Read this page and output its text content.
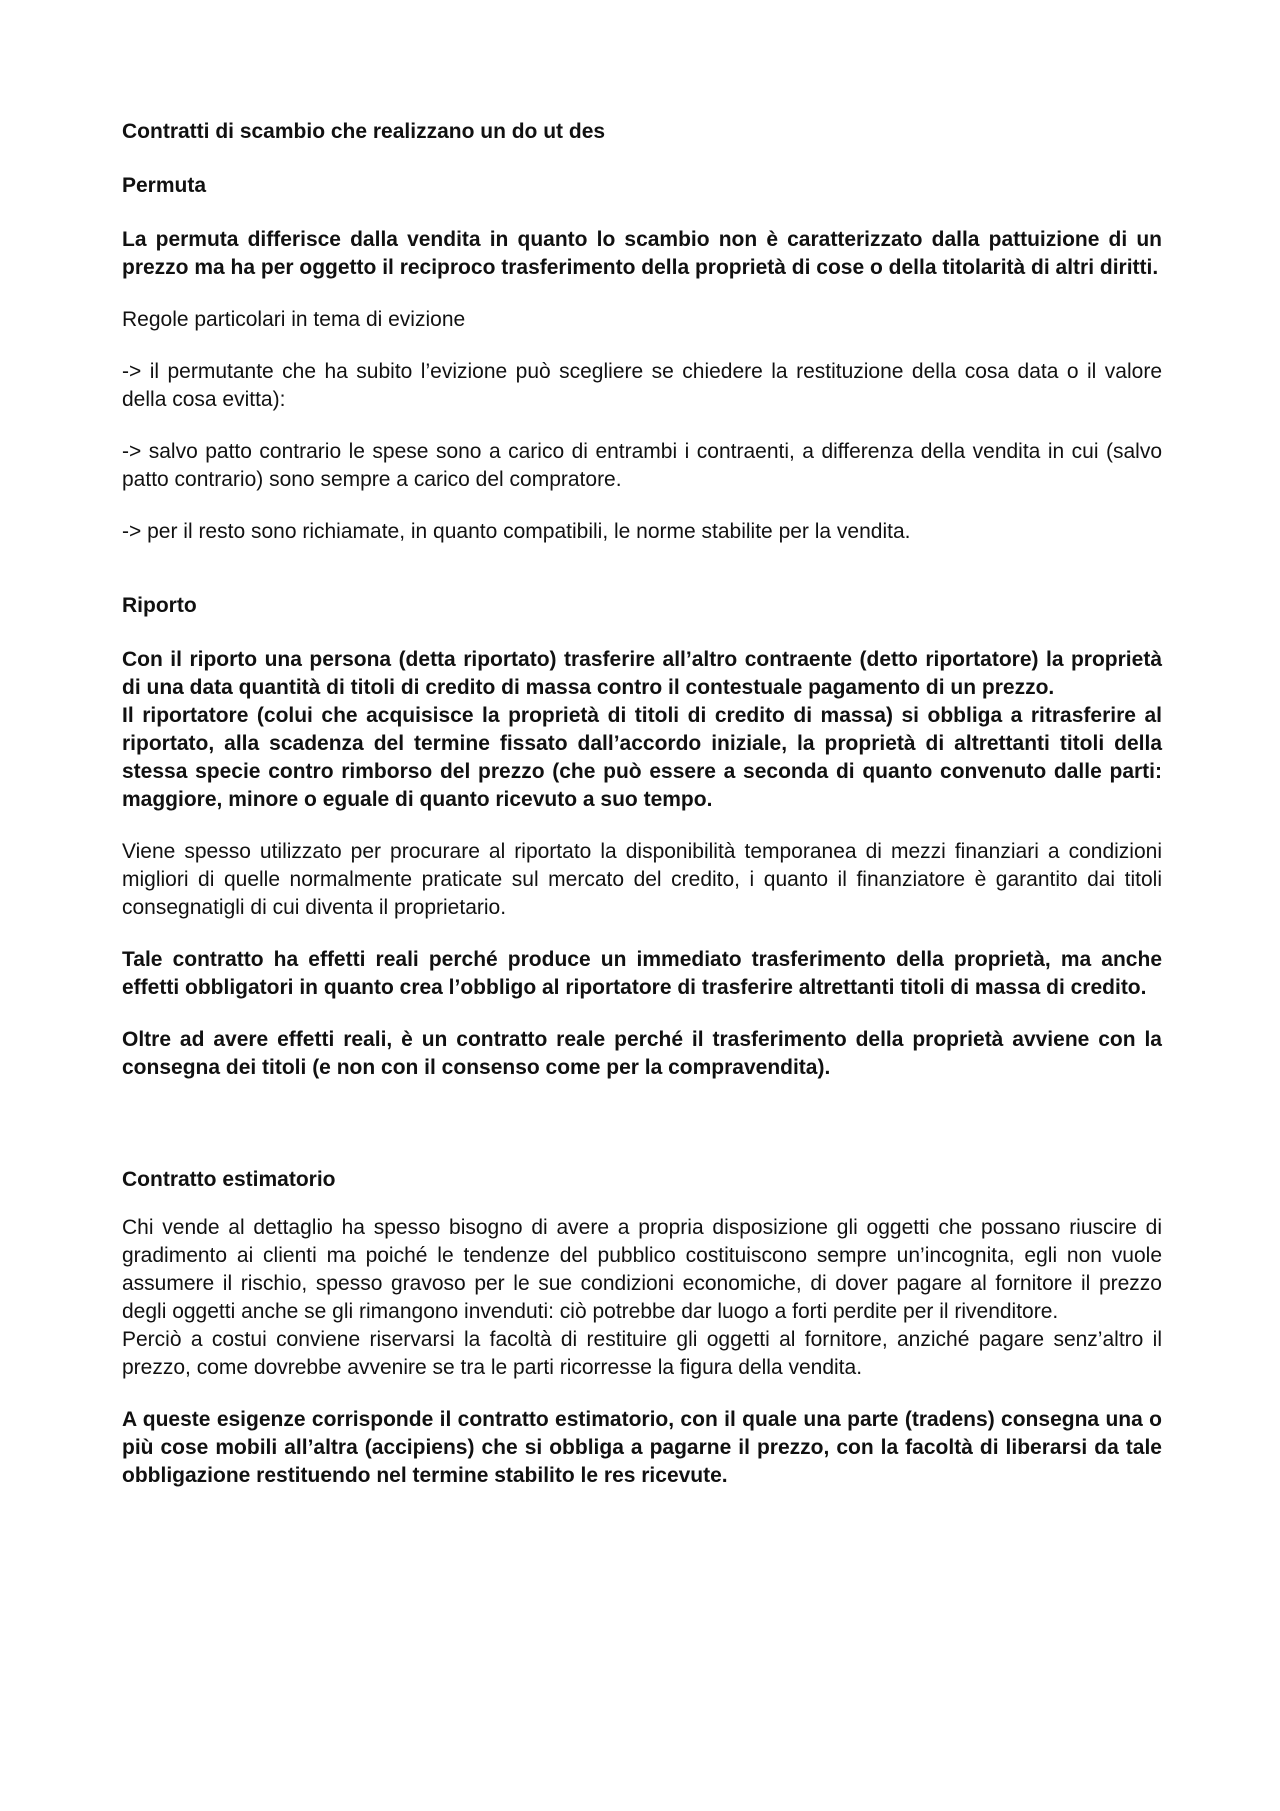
Contratti di scambio che realizzano un do ut des

Permuta

La permuta differisce dalla vendita in quanto lo scambio non è caratterizzato dalla pattuizione di un prezzo ma ha per oggetto il reciproco trasferimento della proprietà di cose o della titolarità di altri diritti.

Regole particolari in tema di evizione

-> il permutante che ha subito l’evizione può scegliere se chiedere la restituzione della cosa data o il valore della cosa evitta):

-> salvo patto contrario le spese sono a carico di entrambi i contraenti, a differenza della vendita in cui (salvo patto contrario) sono sempre a carico del compratore.

-> per il resto sono richiamate, in quanto compatibili, le norme stabilite per la vendita.

Riporto

Con il riporto una persona (detta riportato) trasferire all’altro contraente (detto riportatore) la proprietà di una data quantità di titoli di credito di massa contro il contestuale pagamento di un prezzo.

Il riportatore (colui che acquisisce la proprietà di titoli di credito di massa) si obbliga a ritrasferire al riportato, alla scadenza del termine fissato dall’accordo iniziale, la proprietà di altrettanti titoli della stessa specie contro rimborso del prezzo (che può essere a seconda di quanto convenuto dalle parti: maggiore, minore o eguale di quanto ricevuto a suo tempo.

Viene spesso utilizzato per procurare al riportato la disponibilità temporanea di mezzi finanziari a condizioni migliori di quelle normalmente praticate sul mercato del credito, i quanto il finanziatore è garantito dai titoli consegnatigli di cui diventa il proprietario.

Tale contratto ha effetti reali perché produce un immediato trasferimento della proprietà, ma anche effetti obbligatori in quanto crea l’obbligo al riportatore di trasferire altrettanti titoli di massa di credito.

Oltre ad avere effetti reali, è un contratto reale perché il trasferimento della proprietà avviene con la consegna dei titoli (e non con il consenso come per la compravendita).

Contratto estimatorio

Chi vende al dettaglio ha spesso bisogno di avere a propria disposizione gli oggetti che possano riuscire di gradimento ai clienti ma poiché le tendenze del pubblico costituiscono sempre un’incognita, egli non vuole assumere il rischio, spesso gravoso per le sue condizioni economiche, di dover pagare al fornitore il prezzo degli oggetti anche se gli rimangono invenduti: ciò potrebbe dar luogo a forti perdite per il rivenditore.

Perciò a costui conviene riservarsi la facoltà di restituire gli oggetti al fornitore, anziché pagare senz’altro il prezzo, come dovrebbe avvenire se tra le parti ricorresse la figura della vendita.

A queste esigenze corrisponde il contratto estimatorio, con il quale una parte (tradens) consegna una o più cose mobili all’altra (accipiens) che si obbliga a pagarne il prezzo, con la facoltà di liberarsi da tale obbligazione restituendo nel termine stabilito le res ricevute.
